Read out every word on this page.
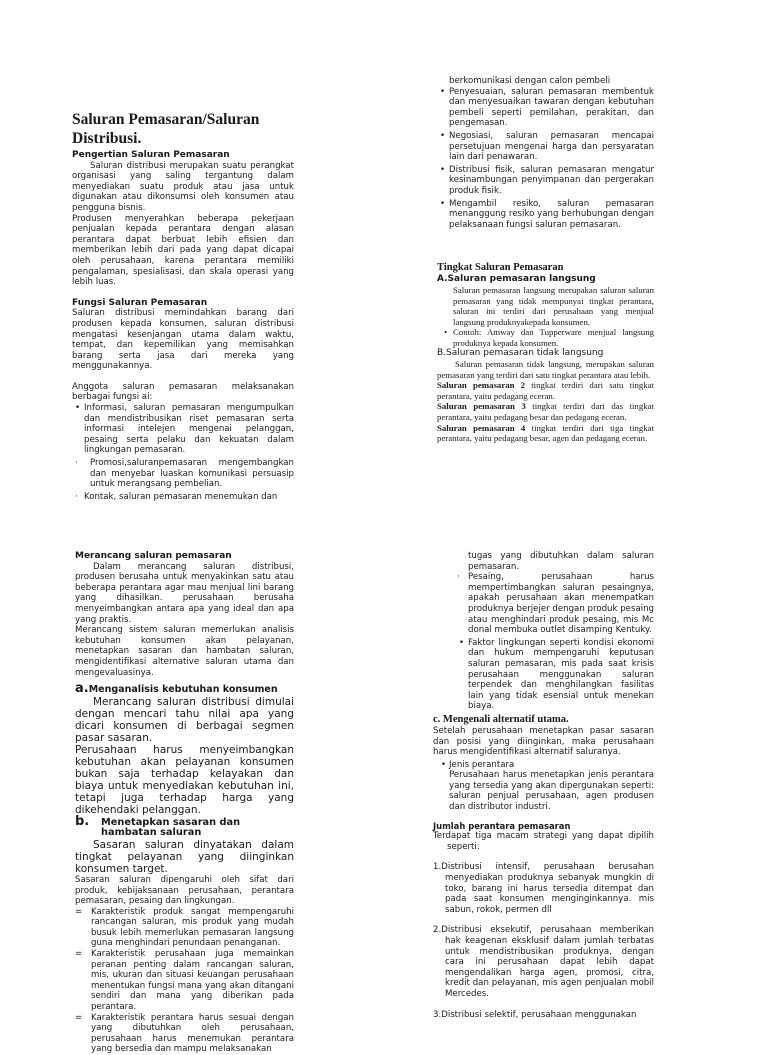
Saluran Pemasaran/Saluran Distribusi.
Pengertian Saluran Pemasaran

Saluran distribusi merupakan suatu perangkat organisasi yang saling tergantung dalam menyediakan suatu produk atau jasa untuk digunakan atau dikonsumsi oleh konsumen atau pengguna bisnis.

Produsen menyerahkan beberapa pekerjaan penjualan kepada perantara dengan alasan perantara dapat berbuat lebih efisien dan memberikan lebih dari pada yang dapat dicapai oleh perusahaan, karena perantara memiliki pengalaman, spesialisasi, dan skala operasi yang lebih luas.

Fungsi Saluran Pemasaran

Saluran distribusi memindahkan barang dari produsen kepada konsumen, saluran distribusi mengatasi kesenjangan utama dalam waktu, tempat, dan kepemilikan yang memisahkan barang serta jasa dari mereka yang menggunakannya.

Anggota saluran pemasaran melaksanakan berbagai fungsi ai:

• Informasi, saluran pemasaran mengumpulkan dan mendistribusikan riset pemasaran serta informasi intelejen mengenai pelanggan, pesaing serta pelaku dan kekuatan dalam lingkungan pemasaran.
· Promosi,saluranpemasaran mengembangkan dan menyebar luaskan komunikasi persuasip untuk merangsang pembelian.
· Kontak, saluran pemasaran menemukan dan

berkomunikasi dengan calon pembeli

• Penyesuaian, saluran pemasaran membentuk dan menyesuaikan tawaran dengan kebutuhan pembeli seperti pemilahan, perakitan, dan pengemasan.
• Negosiasi, saluran pemasaran mencapai persetujuan mengenai harga dan persyaratan lain dari penawaran.
• Distribusi fisik, saluran pemasaran mengatur kesinambungan penyimpanan dan pergerakan produk fisik.
• Mengambil resiko, saluran pemasaran menanggung resiko yang berhubungan dengan pelaksanaan fungsi saluran pemasaran.
Tingkat Saluran Pemasaran
A.Saluran pemasaran langsung

Saluran pemasaran langsung merupakan saluran saluran pemasaran yang tidak mempunyai tingkat perantara, saluran ini terdiri dari perusahaan yang menjual langsung produknyakepada konsumen.

• Contoh: Amway dan Tupperware menjual langsung produknya kepada konsumen.
B.Saluran pemasaran tidak langsung

Saluran pemasaran tidak langsung, merupakan saluran pemasaran yang terdiri dari satu tingkat perantara atau lebih.

Saluran pemasaran 2 tingkat terdiri dari satu tingkat perantara, yaitu pedagang eceran.

Saluran pemasaran 3 tingkat terdiri dari das tingkat perantara, yaitu pedagang besar dan pedagang eceran.

Saluran pemasaran 4 tingkat terdiri dari tiga tingkat perantara, yaitu pedagang besar, agen dan pedagang eceran.

Merancang saluran pemasaran

Dalam merancang saluran distribusi, produsen berusaha untuk menyakinkan satu atau beberapa perantara agar mau menjual lini barang yang dihasilkan. perusahaan berusaha menyeimbangkan antara apa yang ideal dan apa yang praktis.

Merancang sistem saluran memerlukan analisis kebutuhan konsumen akan pelayanan, menetapkan sasaran dan hambatan saluran, mengidentifikasi alternative saluran utama dan mengevaluasinya.

a.Menganalisis kebutuhan konsumen

Merancang saluran distribusi dimulai dengan mencari tahu nilai apa yang dicari konsumen di berbagai segmen pasar sasaran.

Perusahaan harus menyeimbangkan kebutuhan akan pelayanan konsumen bukan saja terhadap kelayakan dan biaya untuk menyediakan kebutuhan ini, tetapi juga terhadap harga yang dikehendaki pelanggan.

b. Menetapkan sasaran dan hambatan saluran

Sasaran saluran dinyatakan dalam tingkat pelayanan yang diinginkan konsumen target.

Sasaran saluran dipengaruhi oleh sifat dari produk, kebijaksanaan perusahaan, perantara pemasaran, pesaing dan lingkungan.

= Karakteristik produk sangat mempengaruhi rancangan saluran, mis produk yang mudah busuk lebih memerlukan pemasaran langsung guna menghindari penundaan penanganan.
= Karakteristik perusahaan juga memainkan peranan penting dalam rancangan saluran, mis, ukuran dan situasi keuangan perusahaan menentukan fungsi mana yang akan ditangani sendiri dan mana yang diberikan pada perantara.
= Karakteristik perantara harus sesuai dengan yang dibutuhkan oleh perusahaan, perusahaan harus menemukan perantara yang bersedia dan mampu melaksanakan

tugas yang dibutuhkan dalam saluran pemasaran.

· Pesaing, perusahaan harus mempertimbangkan saluran pesaingnya, apakah perusahaan akan menempatkan produknya berjejer dengan produk pesaing atau menghindari produk pesaing, mis Mc donal membuka outlet disamping Kentuky.
• Faktor lingkungan seperti kondisi ekonomi dan hukum mempengaruhi keputusan saluran pemasaran, mis pada saat krisis perusahaan menggunakan saluran terpendek dan menghilangkan fasilitas lain yang tidak esensial untuk menekan biaya.
c. Mengenali alternatif utama.

Setelah perusahaan menetapkan pasar sasaran dan posisi yang diinginkan, maka perusahaan harus mengidentifikasi alternatif saluranya.

• Jenis perantara

Perusahaan harus menetapkan jenis perantara yang tersedia yang akan dipergunakan seperti: saluran penjual perusahaan, agen produsen dan distributor industri.

Jumlah perantara pemasaran

Terdapat tiga macam strategi yang dapat dipilih seperti:

1.Distribusi intensif, perusahaan berusahan menyediakan produknya sebanyak mungkin di toko, barang ini harus tersedia ditempat dan pada saat konsumen menginginkannya. mis sabun, rokok, permen dll

2.Distribusi eksekutif, perusahaan memberikan hak keagenan eksklusif dalam jumlah terbatas untuk mendistribusikan produknya, dengan cara ini perusahaan dapat lebih dapat mengendalikan harga agen, promosi, citra, kredit dan pelayanan, mis agen penjualan mobil Mercedes.

3.Distribusi selektif, perusahaan menggunakan
